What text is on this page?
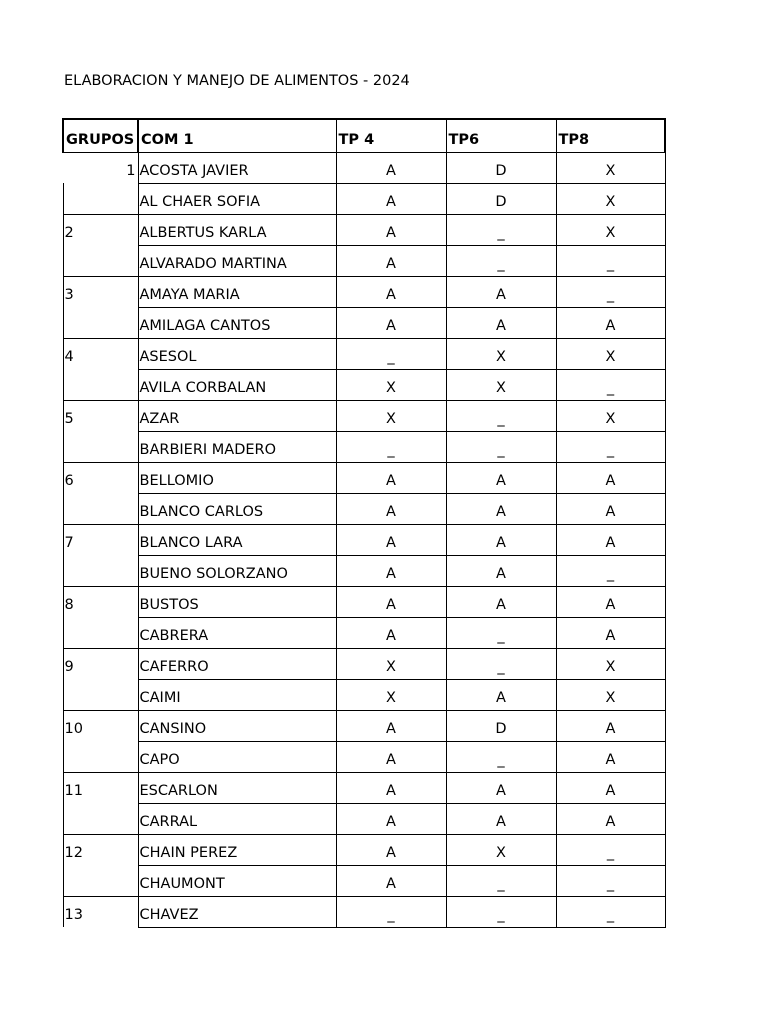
ELABORACION Y MANEJO DE ALIMENTOS - 2024
GRUPOS	COM 1	TP 4	TP6	TP8

1	ACOSTA JAVIER	A	D	X
	AL CHAER SOFIA	A	D	X
2	ALBERTUS KARLA	A	_	X
	ALVARADO MARTINA	A	_	_
3	AMAYA MARIA	A	A	_
	AMILAGA CANTOS	A	A	A
4	ASESOL	_	X	X
	AVILA CORBALAN	X	X	_
5	AZAR	X	_	X
	BARBIERI MADERO	_	_	_
6	BELLOMIO	A	A	A
	BLANCO CARLOS	A	A	A
7	BLANCO LARA	A	A	A
	BUENO SOLORZANO	A	A	_
8	BUSTOS	A	A	A
	CABRERA	A	_	A
9	CAFERRO	X	_	X
	CAIMI	X	A	X
10	CANSINO	A	D	A
	CAPO	A	_	A
11	ESCARLON	A	A	A
	CARRAL	A	A	A
12	CHAIN PEREZ	A	X	_
	CHAUMONT	A	_	_
13	CHAVEZ	_	_	_
